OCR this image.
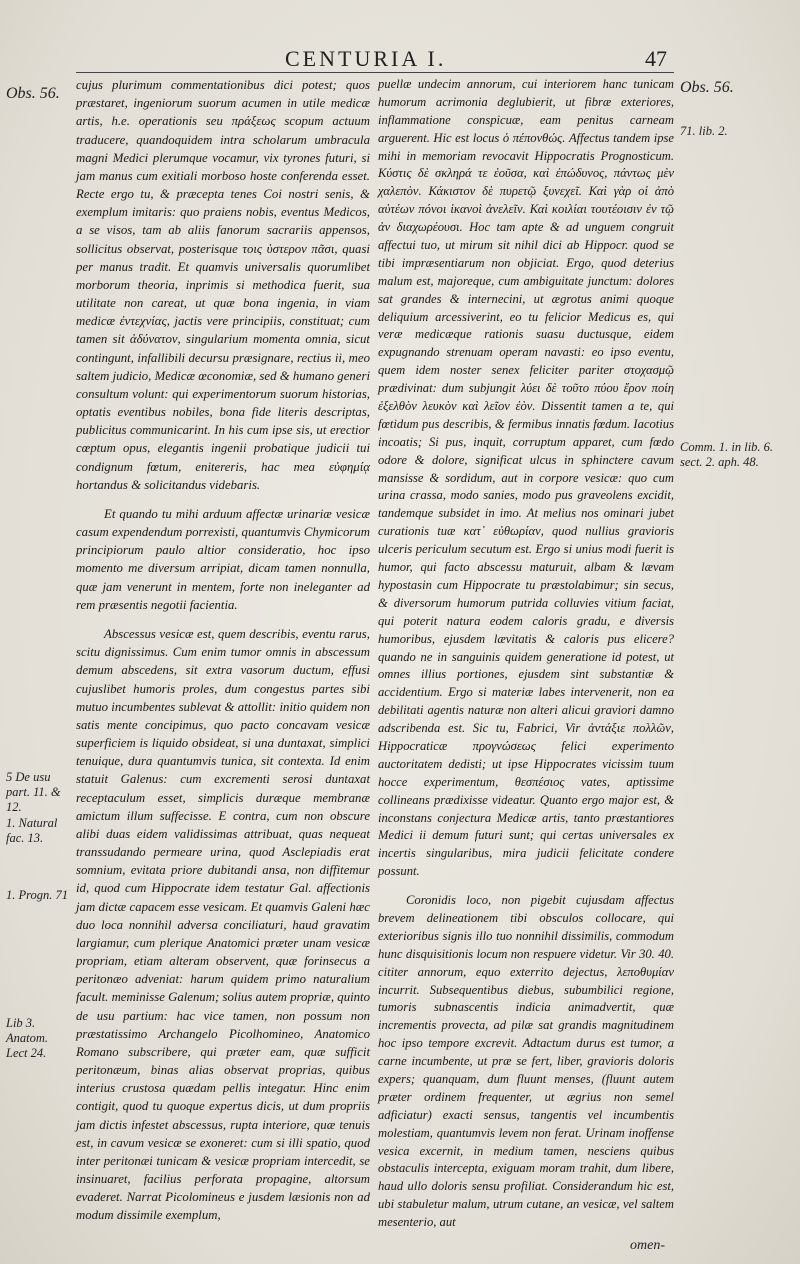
CENTURIA I.	47
Obs. 56.
5 De usu part. 11. & 12.
1. Natural fac. 13.
1. Progn. 71
Lib 3. Anatom. Lect 24.
Obs. 56.
71. lib. 2.
Comm. 1. in lib. 6. sect. 2. aph. 48.

cujus plurimum commentationibus dici potest; quos præstaret, ingeniorum suorum acumen in utile medicæ artis, h.e. operationis seu πράξεως scopum actuum traducere, quandoquidem intra scholarum umbracula magni Medici plerumque vocamur, vix tyrones futuri, si jam manus cum exitiali morboso hoste conferenda esset. Recte ergo tu, & præcepta tenes Coi nostri senis, & exemplum imitaris: quo praiens nobis, eventus Medicos, a se visos, tam ab aliis fanorum sacrariis appensos, sollicitus observat, posterisque τοις ὑστερον πᾶσι, quasi per manus tradit. Et quamvis universalis quorumlibet morborum theoria, inprimis si methodica fuerit, sua utilitate non careat, ut quæ bona ingenia, in viam medicæ ἐντεχνίας, jactis vere principiis, constituat; cum tamen sit ἀδύνατον, singularium momenta omnia, sicut contingunt, infallibili decursu præsignare, rectius ii, meo saltem judicio, Medicæ œconomiæ, sed & humano generi consultum volunt: qui experimentorum suorum historias, optatis eventibus nobiles, bona fide literis descriptas, publicitus communicarint. In his cum ipse sis, ut erectior cœptum opus, elegantis ingenii probatique judicii tui condignum fœtum, enitereris, hac mea εὐφημίᾳ hortandus & solicitandus videbaris.

Et quando tu mihi arduum affectæ urinariæ vesicæ casum expendendum porrexisti, quantumvis Chymicorum principiorum paulo altior consideratio, hoc ipso momento me diversum arripiat, dicam tamen nonnulla, quæ jam venerunt in mentem, forte non ineleganter ad rem præsentis negotii facientia.

Abscessus vesicæ est, quem describis, eventu rarus, scitu dignissimus. Cum enim tumor omnis in abscessum demum abscedens, sit extra vasorum ductum, effusi cujuslibet humoris proles, dum congestus partes sibi mutuo incumbentes sublevat & attollit: initio quidem non satis mente concipimus, quo pacto concavam vesicæ superficiem is liquido obsideat, si una duntaxat, simplici tenuique, dura quantumvis tunica, sit contexta. Id enim statuit Galenus: cum excrementi serosi duntaxat receptaculum esset, simplicis duræque membranæ amictum illum suffecisse. E contra, cum non obscure alibi duas eidem validissimas attribuat, quas nequeat transsudando permeare urina, quod Asclepiadis erat somnium, evitata priore dubitandi ansa, non diffitemur id, quod cum Hippocrate idem testatur Gal. affectionis jam dictæ capacem esse vesicam. Et quamvis Galeni hæc duo loca nonnihil adversa conciliaturi, haud gravatim largiamur, cum plerique Anatomici præter unam vesicæ propriam, etiam alteram observent, quæ forinsecus a peritonæo adveniat: harum quidem primo naturalium facult. meminisse Galenum; solius autem propriæ, quinto de usu partium: hac vice tamen, non possum non præstatissimo Archangelo Picolhomineo, Anatomico Romano subscribere, qui præter eam, quæ sufficit peritonæum, binas alias observat proprias, quibus interius crustosa quædam pellis integatur. Hinc enim contigit, quod tu quoque expertus dicis, ut dum propriis jam dictis infestet abscessus, rupta interiore, quæ tenuis est, in cavum vesicæ se exoneret: cum si illi spatio, quod inter peritonæi tunicam & vesicæ propriam intercedit, se insinuaret, facilius perforata propagine, altorsum evaderet. Narrat Picolomineus e jusdem læsionis non ad modum dissimile exemplum,

puellæ undecim annorum, cui interiorem hanc tunicam humorum acrimonia deglubierit, ut fibræ exteriores, inflammatione conspicuæ, eam penitus carneam arguerent. Hic est locus ὁ πέπονθώς. Affectus tandem ipse mihi in memoriam revocavit Hippocratis Prognosticum. Κύστις δὲ σκληρά τε ἐοῦσα, καὶ ἐπώδυνος, πάντως μὲν χαλεπὸν. Κάκιστον δὲ πυρετῷ ξυνεχεῖ. Καὶ γὰρ οἱ ἀπὸ αὐτέων πόνοι ἱκανοὶ ἀνελεῖν. Καὶ κοιλίαι τουτέοισιν ἐν τῷ ἀν διαχωρέουσι. Hoc tam apte & ad unguem congruit affectui tuo, ut mirum sit nihil dici ab Hippocr. quod se tibi impræsentiarum non objiciat. Ergo, quod deterius malum est, majoreque, cum ambiguitate junctum: dolores sat grandes & internecini, ut ægrotus animi quoque deliquium arcessiverint, eo tu felicior Medicus es, qui veræ medicæque rationis suasu ductusque, eidem expugnando strenuam operam navasti: eo ipso eventu, quem idem noster senex feliciter pariter στοχασμῷ prædivinat: dum subjungit λύει δὲ τοῦτο πύου ἔρον ποίη ἐξελθὸν λευκὸν καὶ λεῖον ἐὸν. Dissentit tamen a te, qui fœtidum pus describis, & fermibus innatis fœdum. Iacotius incoatis; Si pus, inquit, corruptum apparet, cum fœdo odore & dolore, significat ulcus in sphinctere cavum mansisse & sordidum, aut in corpore vesicæ: quo cum urina crassa, modo sanies, modo pus graveolens excidit, tandemque subsidet in imo. At melius nos ominari jubet curationis tuæ κατ᾽ εὐθωρίαν, quod nullius gravioris ulceris periculum secutum est. Ergo si unius modi fuerit is humor, qui facto abscessu maturuit, albam & lævam hypostasin cum Hippocrate tu præstolabimur; sin secus, & diversorum humorum putrida colluvies vitium faciat, qui poterit natura eodem caloris gradu, e diversis humoribus, ejusdem lævitatis & caloris pus elicere? quando ne in sanguinis quidem generatione id potest, ut omnes illius portiones, ejusdem sint substantiæ & accidentium. Ergo si materiæ labes intervenerit, non ea debilitati agentis naturæ non alteri alicui graviori damno adscribenda est. Sic tu, Fabrici, Vir ἀντάξιε πολλῶν, Hippocraticæ προγνώσεως felici experimento auctoritatem dedisti; ut ipse Hippocrates vicissim tuum hocce experimentum, θεσπέσιος vates, aptissime collineans prædixisse videatur. Quanto ergo major est, & inconstans conjectura Medicæ artis, tanto præstantiores Medici ii demum futuri sunt; qui certas universales ex incertis singularibus, mira judicii felicitate condere possunt.

Coronidis loco, non pigebit cujusdam affectus brevem delineationem tibi obsculos collocare, qui exterioribus signis illo tuo nonnihil dissimilis, commodum hunc disquisitionis locum non respuere videtur. Vir 30. 40. cititer annorum, equo exterrito dejectus, λεποθυμίαν incurrit. Subsequentibus diebus, subumbilici regione, tumoris subnascentis indicia animadvertit, quæ incrementis provecta, ad pilæ sat grandis magnitudinem hoc ipso tempore excrevit. Adtactum durus est tumor, a carne incumbente, ut præ se fert, liber, gravioris doloris expers; quanquam, dum fluunt menses, (fluunt autem præter ordinem frequenter, ut ægrius non semel adficiatur) exacti sensus, tangentis vel incumbentis molestiam, quantumvis levem non ferat. Urinam inoffense vesica excernit, in medium tamen, nesciens quibus obstaculis intercepta, exiguam moram trahit, dum libere, haud ullo doloris sensu profiliat. Considerandum hic est, ubi stabuletur malum, utrum cutane, an vesicæ, vel saltem mesenterio, aut

omen-
